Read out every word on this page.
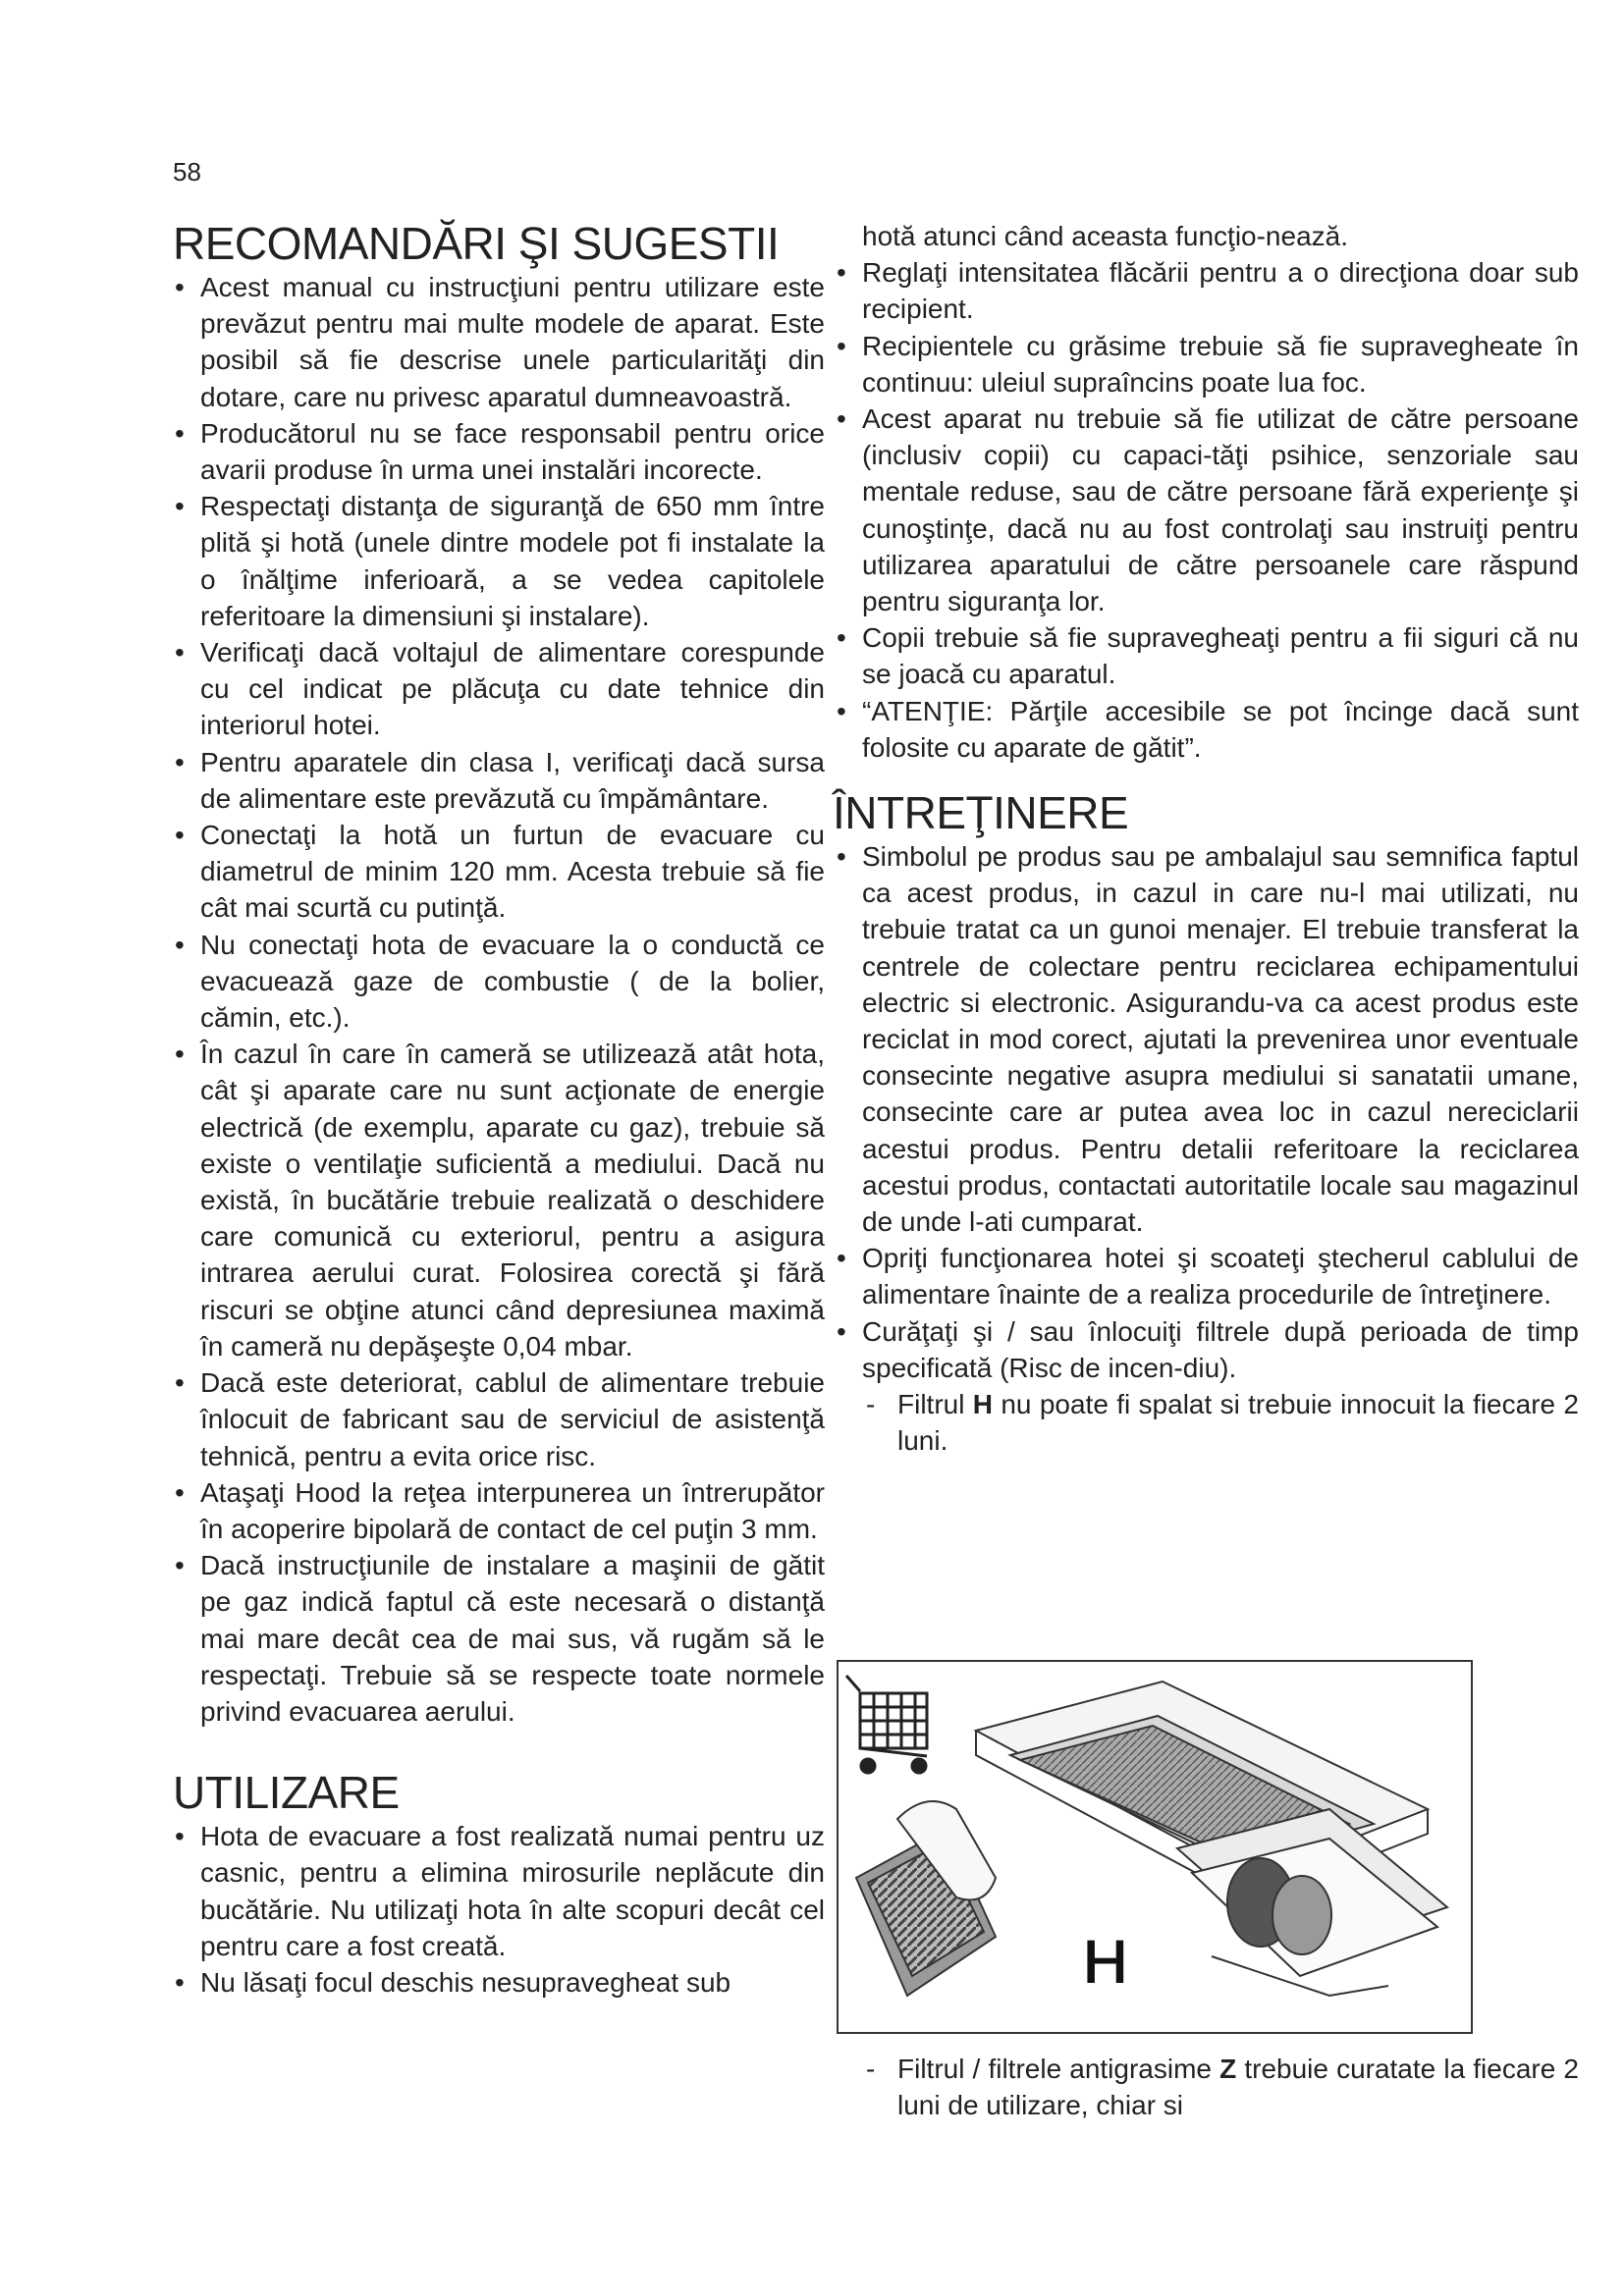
58
RECOMANDĂRI ŞI SUGESTII
• Acest manual cu instrucţiuni pentru utilizare este prevăzut pentru mai multe modele de aparat. Este posibil să fie descrise unele particularităţi din dotare, care nu privesc aparatul dumneavoastră.
• Producătorul nu se face responsabil pentru orice avarii produse în urma unei instalări incorecte.
• Respectaţi distanţa de siguranţă de 650 mm între plită şi hotă (unele dintre modele pot fi instalate la o înălţime inferioară, a se vedea capitolele referitoare la dimensiuni şi instalare).
• Verificaţi dacă voltajul de alimentare corespunde cu cel indicat pe plăcuţa cu date tehnice din interiorul hotei.
• Pentru aparatele din clasa I, verificaţi dacă sursa de alimentare este prevăzută cu împământare.
• Conectaţi la hotă un furtun de evacuare cu diametrul de minim 120 mm. Acesta trebuie să fie cât mai scurtă cu putinţă.
• Nu conectaţi hota de evacuare la o conductă ce evacuează gaze de combustie ( de la bolier, cămin, etc.).
• În cazul în care în cameră se utilizează atât hota, cât şi aparate care nu sunt acţionate de energie electrică (de exemplu, aparate cu gaz), trebuie să existe o ventilaţie suficientă a mediului. Dacă nu există, în bucătărie trebuie realizată o deschidere care comunică cu exteriorul, pentru a asigura intrarea aerului curat. Folosirea corectă şi fără riscuri se obţine atunci când depresiunea maximă în cameră nu depăşeşte 0,04 mbar.
• Dacă este deteriorat, cablul de alimentare trebuie înlocuit de fabricant sau de serviciul de asistenţă tehnică, pentru a evita orice risc.
• Ataşaţi Hood la reţea interpunerea un întrerupător în acoperire bipolară de contact de cel puţin 3 mm.
• Dacă instrucţiunile de instalare a maşinii de gătit pe gaz indică faptul că este necesară o distanţă mai mare decât cea de mai sus, vă rugăm să le respectaţi. Trebuie să se respecte toate normele privind evacuarea aerului.
UTILIZARE
• Hota de evacuare a fost realizată numai pentru uz casnic, pentru a elimina mirosurile neplăcute din bucătărie. Nu utilizaţi hota în alte scopuri decât cel pentru care a fost creată.
• Nu lăsaţi focul deschis nesupravegheat sub
hotă atunci când aceasta funcţio-nează.
• Reglaţi intensitatea flăcării pentru a o direcţiona doar sub recipient.
• Recipientele cu grăsime trebuie să fie supravegheate în continuu: uleiul supraîncins poate lua foc.
• Acest aparat nu trebuie să fie utilizat de către persoane (inclusiv copii) cu capaci-tăţi psihice, senzoriale sau mentale reduse, sau de către persoane fără experienţe şi cunoştinţe, dacă nu au fost controlaţi sau instruiţi pentru utilizarea aparatului de către persoanele care răspund pentru siguranţa lor.
• Copii trebuie să fie supravegheaţi pentru a fii siguri că nu se joacă cu aparatul.
• “ATENŢIE: Părţile accesibile se pot încinge dacă sunt folosite cu aparate de gătit”.
ÎNTREŢINERE
• Simbolul pe produs sau pe ambalajul sau semnifica faptul ca acest produs, in cazul in care nu-l mai utilizati, nu trebuie tratat ca un gunoi menajer. El trebuie transferat la centrele de colectare pentru reciclarea echipamentului electric si electronic. Asigurandu-va ca acest produs este reciclat in mod corect, ajutati la prevenirea unor eventuale consecinte negative asupra mediului si sanatatii umane, consecinte care ar putea avea loc in cazul nereciclarii acestui produs. Pentru detalii referitoare la reciclarea acestui produs, contactati autoritatile locale sau magazinul de unde l-ati cumparat.
• Opriţi funcţionarea hotei şi scoateţi ştecherul cablului de alimentare înainte de a realiza procedurile de întreţinere.
• Curăţaţi şi / sau înlocuiţi filtrele după perioada de timp specificată (Risc de incen-diu).
- Filtrul H nu poate fi spalat si trebuie innocuit la fiecare 2 luni.
H
- Filtrul / filtrele antigrasime Z trebuie curatate la fiecare 2 luni de utilizare, chiar si
